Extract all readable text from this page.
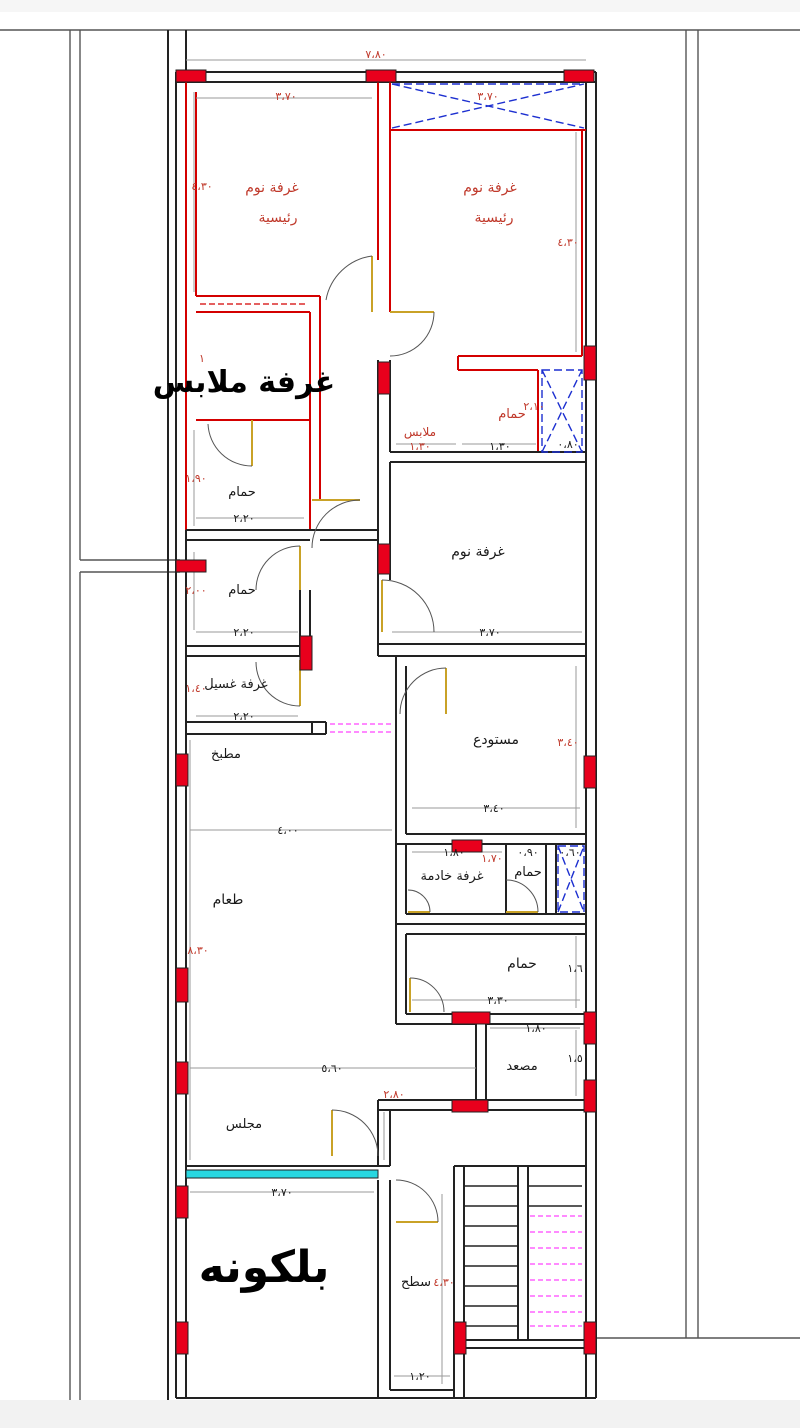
غرفة نوم
رئيسية
غرفة نوم
رئيسية
حمام
ملابس
حمام
غرفة نوم
حمام
غرفة غسيل
مطبخ
مستودع
طعام
غرفة خادمة حمام
حمام
مصعد
مجلس
سطح
غرفة ملابس
بلكونه
٧،٨٠
٣،٧٠	٣،٧٠
٤،٣٠
٤،٣٠
١،٣٠	١،٣٠
٢،١٠
٠،٨٠
١
٢،٢٠
١،٩٠
٢،٢٠
٢،٠٠
٣،٧٠
٢،٢٠
١،٤٠
٣،٤٠
٣،٤٠
٤،٠٠
١،٨٠ ١،٧٠ ٠،٩٠ ٠،٦٠
٨،٣٠
٣،٣٠
١،٦٠
١،٨٠
١،٥٠
٥،٦٠
٢،٨٠
٣،٧٠
٤،٣٠
١،٢٠
